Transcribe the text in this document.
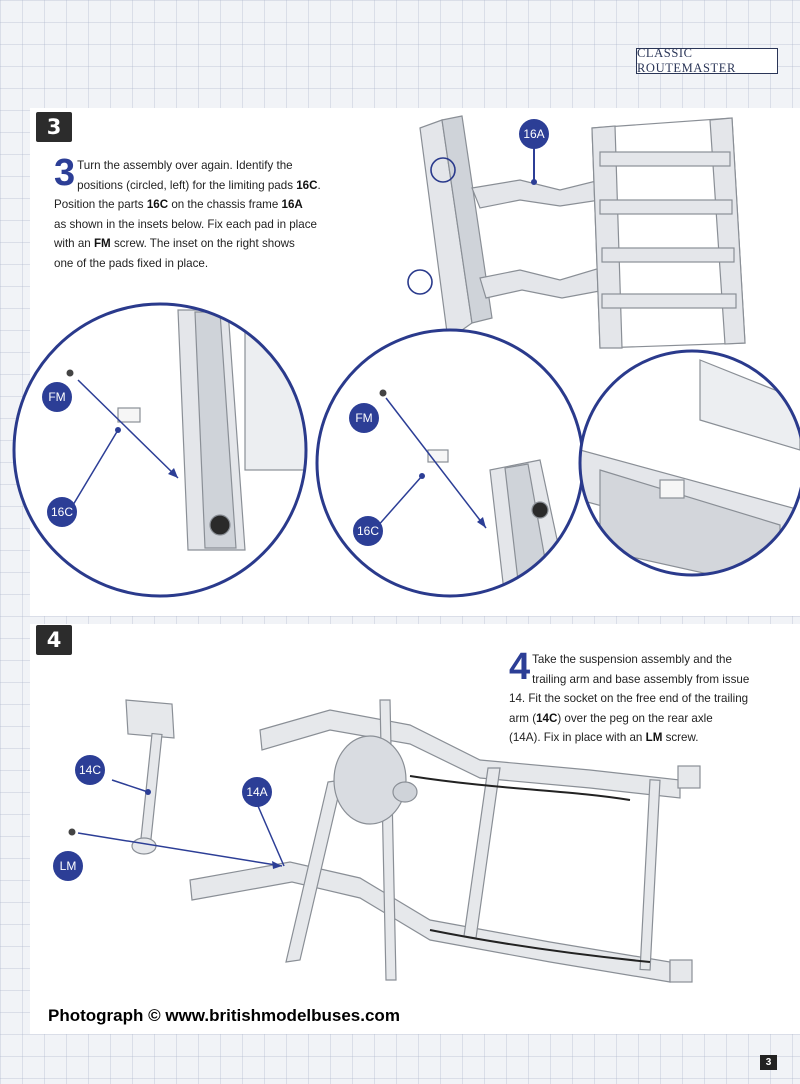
CLASSIC ROUTEMASTER
3
4
3 Turn the assembly over again. Identify the
positions (circled, left) for the limiting pads 16C.
Position the parts 16C on the chassis frame 16A
as shown in the insets below. Fix each pad in place
with an FM screw. The inset on the right shows
one of the pads fixed in place.
16A
FM
16C
FM
16C
4 Take the suspension assembly and the
trailing arm and base assembly from issue
14. Fit the socket on the free end of the trailing
arm (14C) over the peg on the rear axle
(14A). Fix in place with an LM screw.
14C
14A
LM
Photograph © www.britishmodelbuses.com
3
